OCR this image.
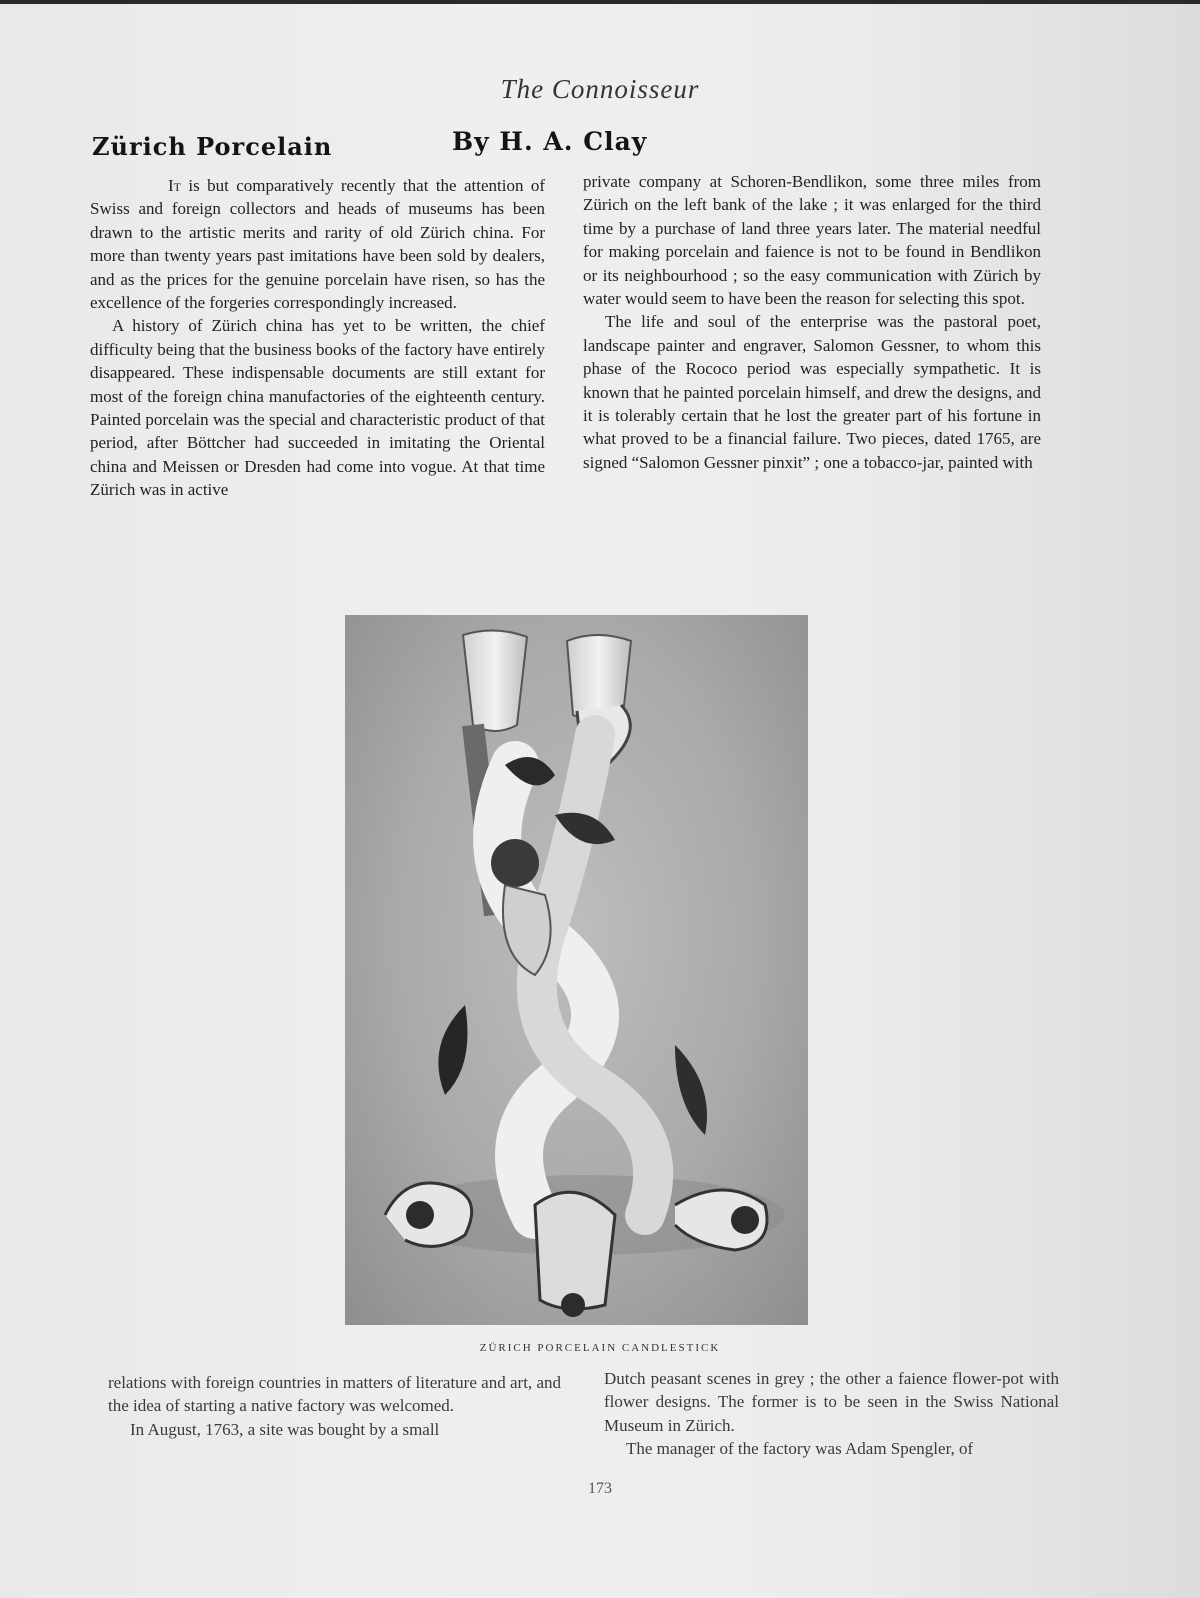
The Connoisseur
Zürich Porcelain	By H. A. Clay

It is but comparatively recently that the attention of Swiss and foreign collectors and heads of museums has been drawn to the artistic merits and rarity of old Zürich china. For more than twenty years past imitations have been sold by dealers, and as the prices for the genuine porcelain have risen, so has the excellence of the forgeries correspondingly increased.

A history of Zürich china has yet to be written, the chief difficulty being that the business books of the factory have entirely disappeared. These indispensable documents are still extant for most of the foreign china manufactories of the eighteenth century. Painted porcelain was the special and characteristic product of that period, after Böttcher had succeeded in imitating the Oriental china and Meissen or Dresden had come into vogue. At that time Zürich was in active

private company at Schoren-Bendlikon, some three miles from Zürich on the left bank of the lake ; it was enlarged for the third time by a purchase of land three years later. The material needful for making porcelain and faience is not to be found in Bendlikon or its neighbourhood ; so the easy communication with Zürich by water would seem to have been the reason for selecting this spot.

The life and soul of the enterprise was the pastoral poet, landscape painter and engraver, Salomon Gessner, to whom this phase of the Rococo period was especially sympathetic. It is known that he painted porcelain himself, and drew the designs, and it is tolerably certain that he lost the greater part of his fortune in what proved to be a financial failure. Two pieces, dated 1765, are signed “Salomon Gessner pinxit” ; one a tobacco-jar, painted with

ZÜRICH PORCELAIN CANDLESTICK

relations with foreign countries in matters of literature and art, and the idea of starting a native factory was welcomed.

In August, 1763, a site was bought by a small

Dutch peasant scenes in grey ; the other a faience flower-pot with flower designs. The former is to be seen in the Swiss National Museum in Zürich.

The manager of the factory was Adam Spengler, of

173
